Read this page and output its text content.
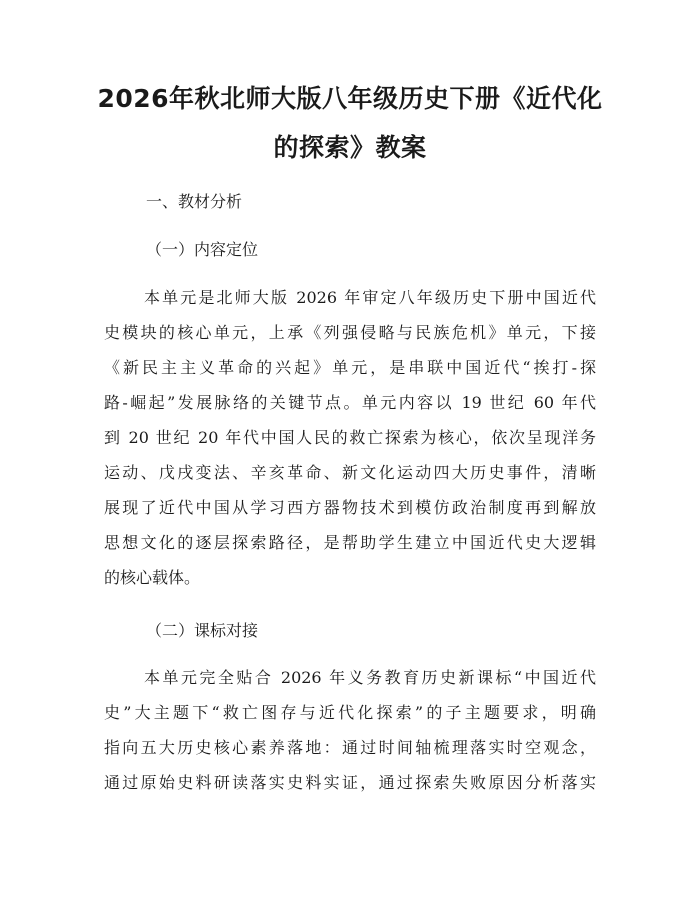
2026年秋北师大版八年级历史下册《近代化
的探索》教案
一、教材分析
（一）内容定位
本单元是北师大版 2026 年审定八年级历史下册中国近代
史模块的核心单元，上承《列强侵略与民族危机》单元，下接
《新民主主义革命的兴起》单元，是串联中国近代“挨打-探
路-崛起”发展脉络的关键节点。单元内容以 19 世纪 60 年代
到 20 世纪 20 年代中国人民的救亡探索为核心，依次呈现洋务
运动、戊戌变法、辛亥革命、新文化运动四大历史事件，清晰
展现了近代中国从学习西方器物技术到模仿政治制度再到解放
思想文化的逐层探索路径，是帮助学生建立中国近代史大逻辑
的核心载体。
（二）课标对接
本单元完全贴合 2026 年义务教育历史新课标“中国近代
史”大主题下“救亡图存与近代化探索”的子主题要求，明确
指向五大历史核心素养落地：通过时间轴梳理落实时空观念，
通过原始史料研读落实史料实证，通过探索失败原因分析落实
